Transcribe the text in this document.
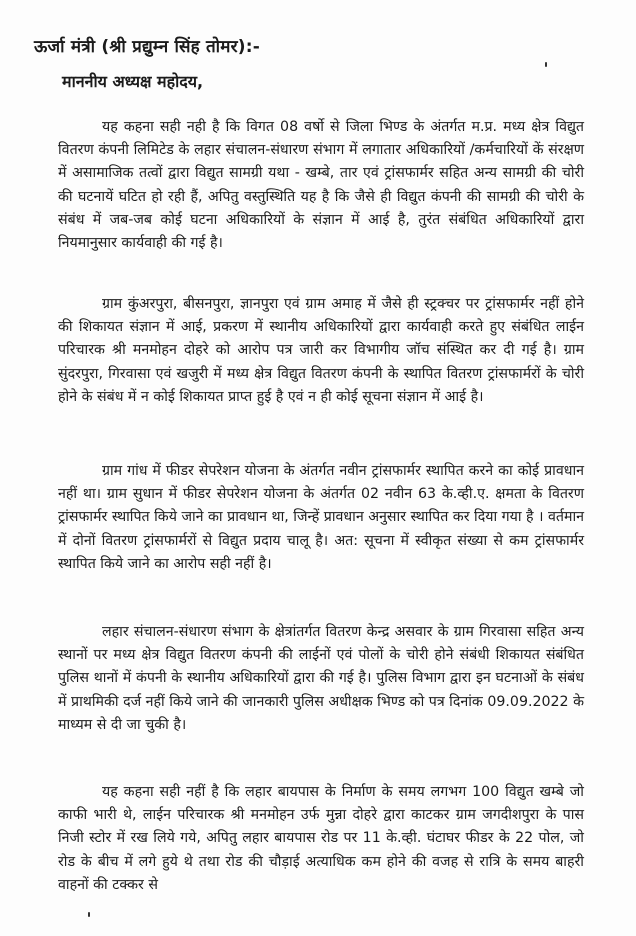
ऊर्जा मंत्री (श्री प्रद्युम्न सिंह तोमर):-
माननीय अध्यक्ष महोदय,

यह कहना सही नही है कि विगत 08 वर्षो से जिला भिण्ड के अंतर्गत म.प्र. मध्य क्षेत्र विद्युत वितरण कंपनी लिमिटेड के लहार संचालन-संधारण संभाग में लगातार अधिकारियों /कर्मचारियों कें संरक्षण में असामाजिक तत्वों द्वारा विद्युत सामग्री यथा - खम्बे, तार एवं ट्रांसफार्मर सहित अन्य सामग्री की चोरी की घटनायें घटित हो रही हैं, अपितु वस्तुस्थिति यह है कि जैसे ही विद्युत कंपनी की सामग्री की चोरी के संबंध में जब-जब कोई घटना अधिकारियों के संज्ञान में आई है, तुरंत संबंधित अधिकारियों द्वारा नियमानुसार कार्यवाही की गई है।

ग्राम कुंअरपुरा, बीसनपुरा, ज्ञानपुरा एवं ग्राम अमाह में जैसे ही स्ट्रक्चर पर ट्रांसफार्मर नहीं होने की शिकायत संज्ञान में आई, प्रकरण में स्थानीय अधिकारियों द्वारा कार्यवाही करते हुए संबंधित लाईन परिचारक श्री मनमोहन दोहरे को आरोप पत्र जारी कर विभागीय जॉच संस्थित कर दी गई है। ग्राम सुंदरपुरा, गिरवासा एवं खजुरी में मध्य क्षेत्र विद्युत वितरण कंपनी के स्थापित वितरण ट्रांसफार्मरों के चोरी होने के संबंध में न कोई शिकायत प्राप्त हुई है एवं न ही कोई सूचना संज्ञान में आई है।

ग्राम गांध में फीडर सेपरेशन योजना के अंतर्गत नवीन ट्रांसफार्मर स्थापित करने का कोई प्रावधान नहीं था। ग्राम सुधान में फीडर सेपरेशन योजना के अंतर्गत 02 नवीन 63 के.व्ही.ए. क्षमता के वितरण ट्रांसफार्मर स्थापित किये जाने का प्रावधान था, जिन्हें प्रावधान अनुसार स्थापित कर दिया गया है । वर्तमान में दोनों वितरण ट्रांसफार्मरों से विद्युत प्रदाय चालू है। अत: सूचना में स्वीकृत संख्या से कम ट्रांसफार्मर स्थापित किये जाने का आरोप सही नहीं है।

लहार संचालन-संधारण संभाग के क्षेत्रांतर्गत वितरण केन्द्र असवार के ग्राम गिरवासा सहित अन्य स्थानों पर मध्य क्षेत्र विद्युत वितरण कंपनी की लाईनों एवं पोलों के चोरी होने संबंधी शिकायत संबंधित पुलिस थानों में कंपनी के स्थानीय अधिकारियों द्वारा की गई है। पुलिस विभाग द्वारा इन घटनाओं के संबंध में प्राथमिकी दर्ज नहीं किये जाने की जानकारी पुलिस अधीक्षक भिण्ड को पत्र दिनांक 09.09.2022 के माध्यम से दी जा चुकी है।

यह कहना सही नहीं है कि लहार बायपास के निर्माण के समय लगभग 100 विद्युत खम्बे जो काफी भारी थे, लाईन परिचारक श्री मनमोहन उर्फ मुन्ना दोहरे द्वारा काटकर ग्राम जगदीशपुरा के पास निजी स्टोर में रख लिये गये, अपितु लहार बायपास रोड पर 11 के.व्ही. घंटाघर फीडर के 22 पोल, जो रोड के बीच में लगे हुये थे तथा रोड की चौड़ाई अत्याधिक कम होने की वजह से रात्रि के समय बाहरी वाहनों की टक्कर से
